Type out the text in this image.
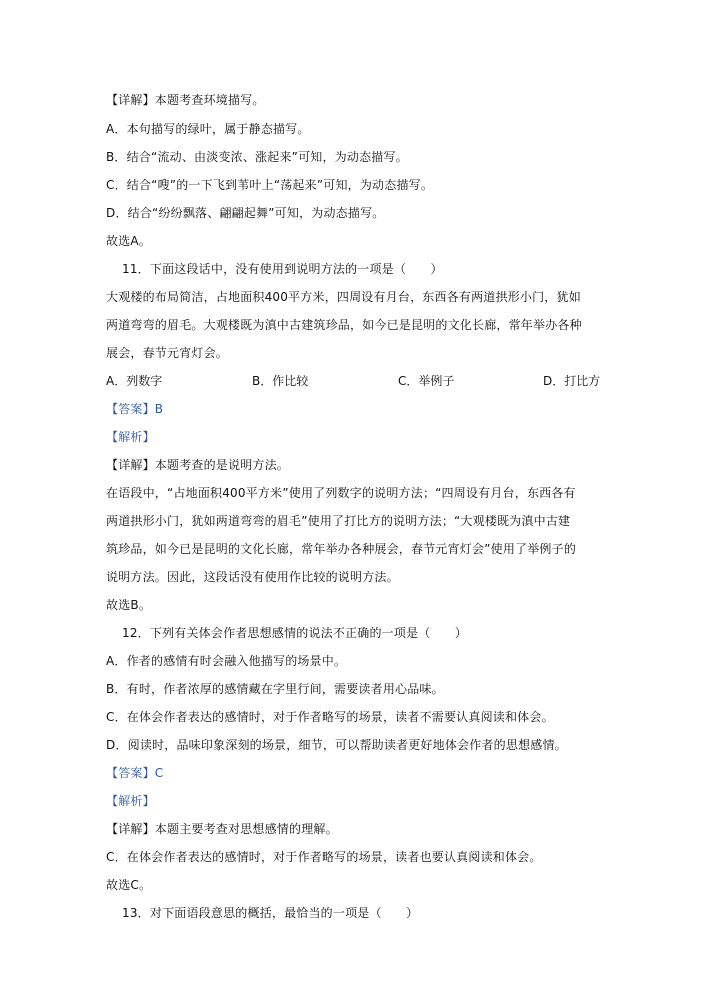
【详解】本题考查环境描写。
A．本句描写的绿叶，属于静态描写。
B．结合“流动、由淡变浓、涨起来”可知，为动态描写。
C．结合“嗖”的一下飞到苇叶上“荡起来”可知，为动态描写。
D．结合“纷纷飘落、翩翩起舞”可知，为动态描写。
故选A。
11．下面这段话中，没有使用到说明方法的一项是（　　）
大观楼的布局简洁，占地面积400平方米，四周设有月台，东西各有两道拱形小门，犹如
两道弯弯的眉毛。大观楼既为滇中古建筑珍品，如今已是昆明的文化长廊，常年举办各种
展会，春节元宵灯会。
A．列数字	B．作比较	C．举例子	D．打比方
【答案】B
【解析】
【详解】本题考查的是说明方法。
在语段中，“占地面积400平方米”使用了列数字的说明方法；“四周设有月台，东西各有
两道拱形小门，犹如两道弯弯的眉毛”使用了打比方的说明方法；“大观楼既为滇中古建
筑珍品，如今已是昆明的文化长廊，常年举办各种展会，春节元宵灯会”使用了举例子的
说明方法。因此，这段话没有使用作比较的说明方法。
故选B。
12．下列有关体会作者思想感情的说法不正确的一项是（　　）
A．作者的感情有时会融入他描写的场景中。
B．有时，作者浓厚的感情藏在字里行间，需要读者用心品味。
C．在体会作者表达的感情时，对于作者略写的场景，读者不需要认真阅读和体会。
D．阅读时，品味印象深刻的场景，细节，可以帮助读者更好地体会作者的思想感情。
【答案】C
【解析】
【详解】本题主要考查对思想感情的理解。
C．在体会作者表达的感情时，对于作者略写的场景，读者也要认真阅读和体会。
故选C。
13．对下面语段意思的概括，最恰当的一项是（　　）
